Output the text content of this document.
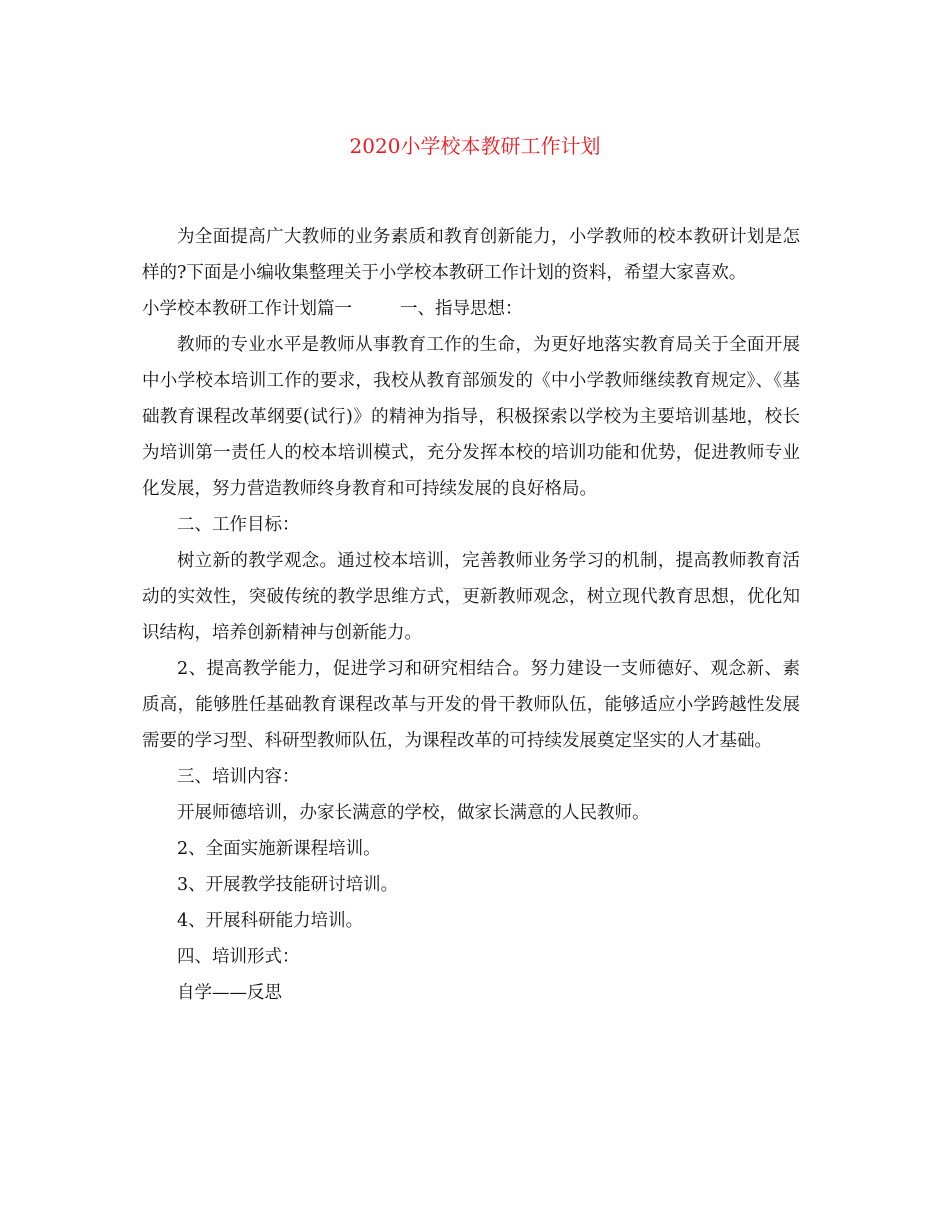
2020小学校本教研工作计划

为全面提高广大教师的业务素质和教育创新能力，小学教师的校本教研计划是怎样的?下面是小编收集整理关于小学校本教研工作计划的资料，希望大家喜欢。

小学校本教研工作计划篇一	一、指导思想：

教师的专业水平是教师从事教育工作的生命，为更好地落实教育局关于全面开展中小学校本培训工作的要求，我校从教育部颁发的《中小学教师继续教育规定》、《基础教育课程改革纲要(试行)》的精神为指导，积极探索以学校为主要培训基地，校长为培训第一责任人的校本培训模式，充分发挥本校的培训功能和优势，促进教师专业化发展，努力营造教师终身教育和可持续发展的良好格局。

二、工作目标：

树立新的教学观念。通过校本培训，完善教师业务学习的机制，提高教师教育活动的实效性，突破传统的教学思维方式，更新教师观念，树立现代教育思想，优化知识结构，培养创新精神与创新能力。

2、提高教学能力，促进学习和研究相结合。努力建设一支师德好、观念新、素质高，能够胜任基础教育课程改革与开发的骨干教师队伍，能够适应小学跨越性发展需要的学习型、科研型教师队伍，为课程改革的可持续发展奠定坚实的人才基础。

三、培训内容：

开展师德培训，办家长满意的学校，做家长满意的人民教师。

2、全面实施新课程培训。

3、开展教学技能研讨培训。

4、开展科研能力培训。

四、培训形式：

自学——反思
